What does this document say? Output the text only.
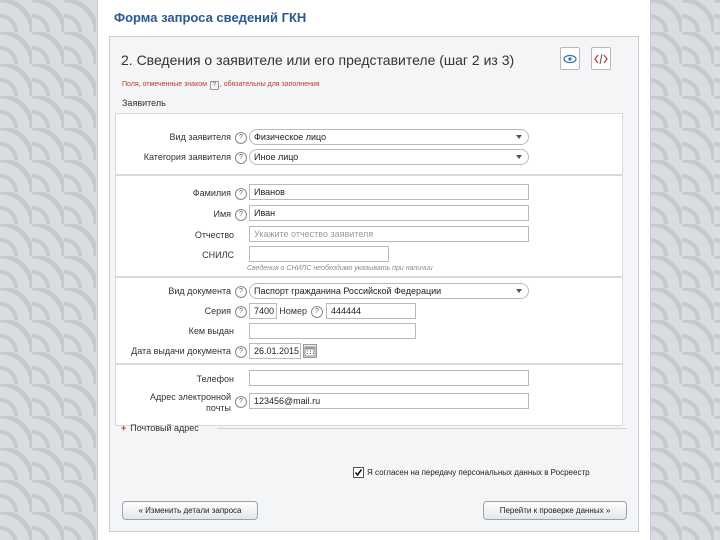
Форма запроса сведений ГКН
2. Сведения о заявителе или его представителе (шаг 2 из 3)
Поля, отмеченные знаком ? , обязательны для заполнения
Заявитель
Вид заявителя	?	Физическое лицо
Категория заявителя	?	Иное лицо
Фамилия	?	Иванов
Имя	?	Иван
Отчество	Укажите отчество заявителя
СНИЛС
Сведения о СНИЛС необходимо указывать при наличии
Вид документа	?	Паспорт гражданина Российской Федерации
Серия	?	7400 Номер	?	444444
Кем выдан
Дата выдачи документа	?	26.01.2015
Телефон
Адрес электронной
почты
?	123456@mail.ru
+ Почтовый адрес
Я согласен на передачу персональных данных в Росреестр
« Изменить детали запроса	Перейти к проверке данных »
